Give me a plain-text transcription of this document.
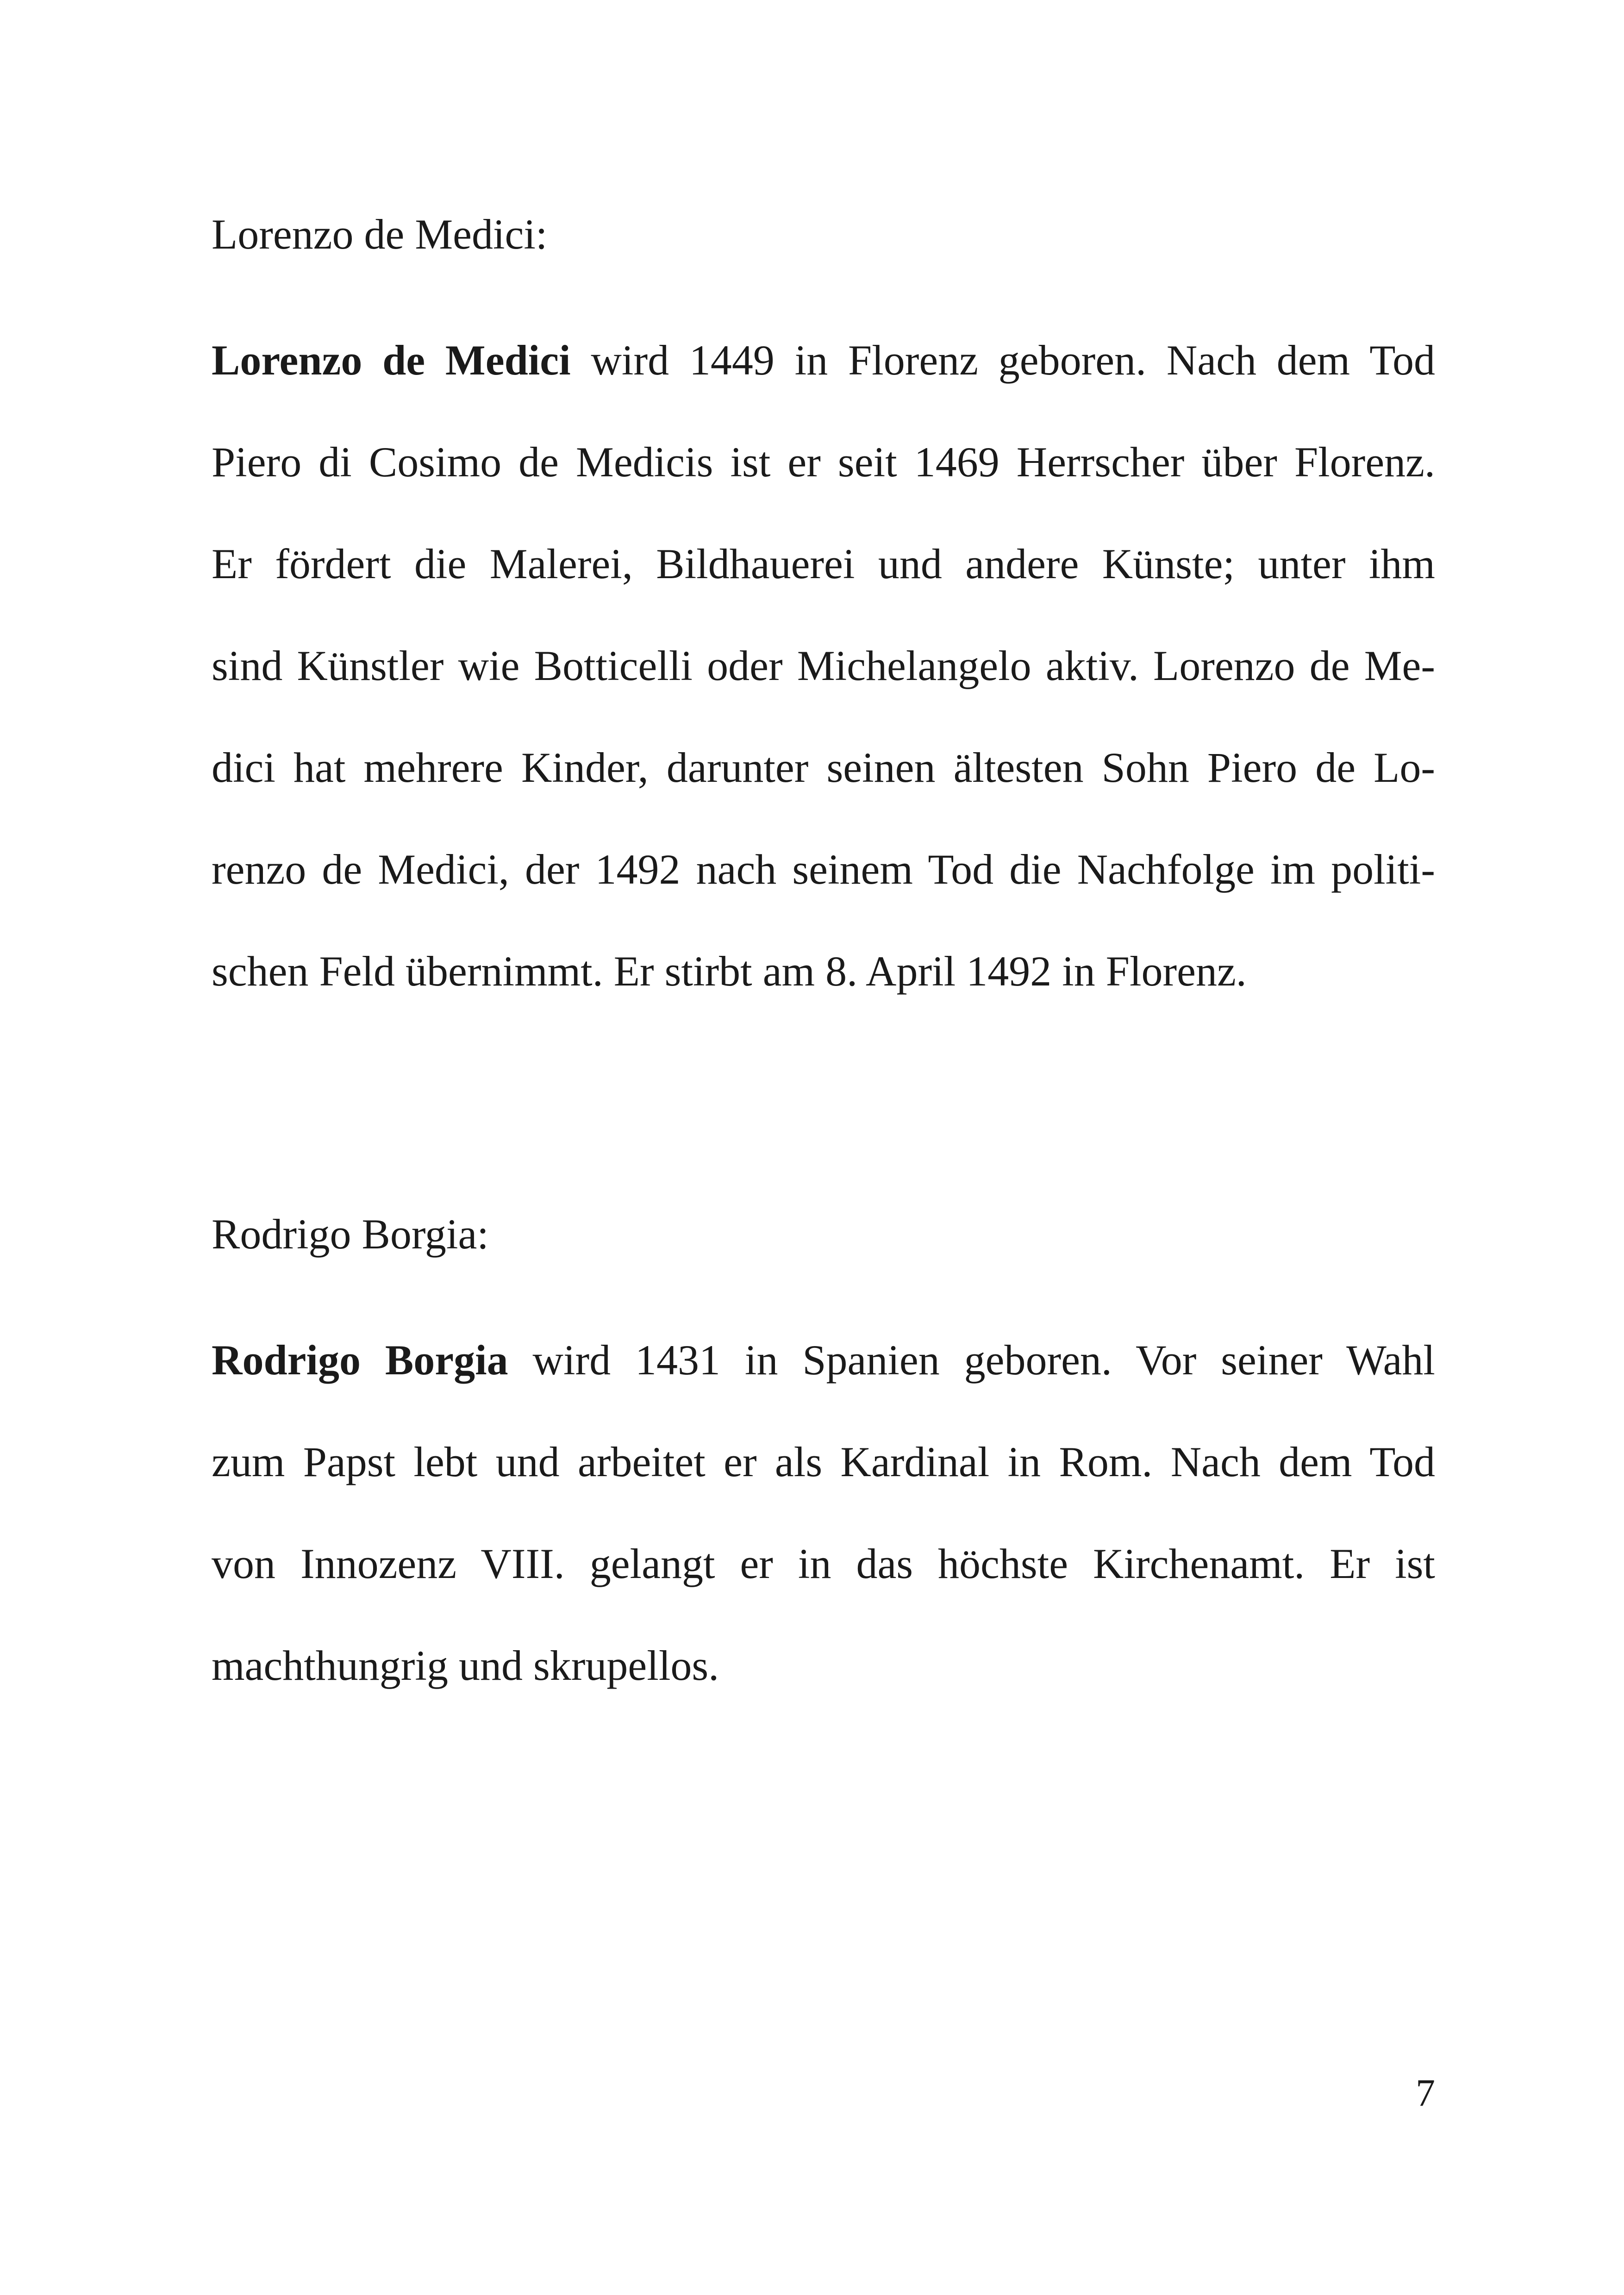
Lorenzo de Medici:
Lorenzo de Medici wird 1449 in Florenz geboren. Nach dem Tod
Piero di Cosimo de Medicis ist er seit 1469 Herrscher über Florenz.
Er fördert die Malerei, Bildhauerei und andere Künste; unter ihm
sind Künstler wie Botticelli oder Michelangelo aktiv. Lorenzo de Me-
dici hat mehrere Kinder, darunter seinen ältesten Sohn Piero de Lo-
renzo de Medici, der 1492 nach seinem Tod die Nachfolge im politi-
schen Feld übernimmt. Er stirbt am 8. April 1492 in Florenz.
Rodrigo Borgia:
Rodrigo Borgia wird 1431 in Spanien geboren. Vor seiner Wahl
zum Papst lebt und arbeitet er als Kardinal in Rom. Nach dem Tod
von Innozenz VIII. gelangt er in das höchste Kirchenamt. Er ist
machthungrig und skrupellos.
7
